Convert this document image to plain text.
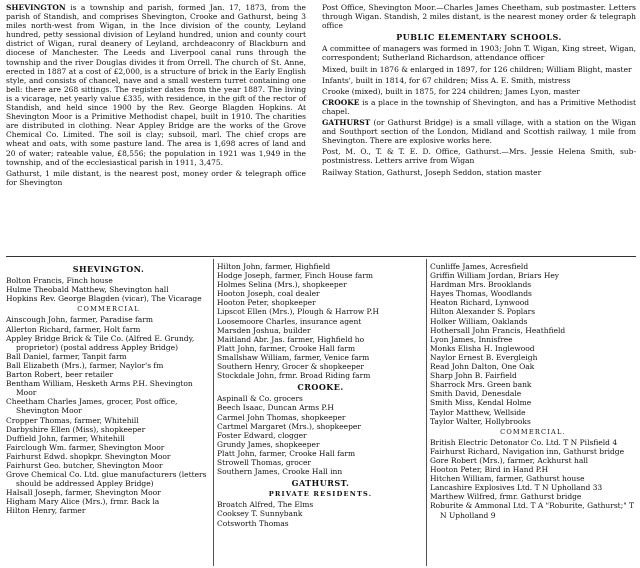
SHEVINGTON is a township and parish, formed Jan. 17, 1873, from the parish of Standish, and comprises Shevington, Crooke and Gathurst, being 3 miles north-west from Wigan, in the Ince division of the county, Leyland hundred, petty sessional division of Leyland hundred, union and county court district of Wigan, rural deanery of Leyland, archdeaconry of Blackburn and diocese of Manchester. The Leeds and Liverpool canal runs through the township and the river Douglas divides it from Orrell. The church of St. Anne, erected in 1887 at a cost of £2,000, is a structure of brick in the Early English style, and consists of chancel, nave and a small western turret containing one bell: there are 268 sittings. The register dates from the year 1887. The living is a vicarage, net yearly value £335, with residence, in the gift of the rector of Standish, and held since 1900 by the Rev. George Blagden Hopkins. At Shevington Moor is a Primitive Methodist chapel, built in 1910. The charities are distributed in clothing. Near Appley Bridge are the works of the Grove Chemical Co. Limited. The soil is clay; subsoil, marl. The chief crops are wheat and oats, with some pasture land. The area is 1,698 acres of land and 20 of water; rateable value, £8,556; the population in 1921 was 1,949 in the township, and of the ecclesiastical parish in 1911, 3,475.

Gathurst, 1 mile distant, is the nearest post, money order & telegraph office for Shevington

Post Office, Shevington Moor.—Charles James Cheetham, sub postmaster. Letters through Wigan. Standish, 2 miles distant, is the nearest money order & telegraph office

PUBLIC ELEMENTARY SCHOOLS.

A committee of managers was formed in 1903; John T. Wigan, King street, Wigan, correspondent; Sutherland Richardson, attendance officer

Mixed, built in 1876 & enlarged in 1897, for 126 children; William Blight, master

Infants', built in 1814, for 67 children; Miss A. E. Smith, mistress

Crooke (mixed), built in 1875, for 224 children; James Lyon, master

CROOKE is a place in the township of Shevington, and has a Primitive Methodist chapel.

GATHURST (or Gathurst Bridge) is a small village, with a station on the Wigan and Southport section of the London, Midland and Scottish railway, 1 mile from Shevington. There are explosive works here.

Post, M. O., T. & T. E. D. Office, Gathurst.—Mrs. Jessie Helena Smith, sub-postmistress. Letters arrive from Wigan

Railway Station, Gathurst, Joseph Seddon, station master

SHEVINGTON.
Bolton Francis, Finch house
Hulme Theobald Matthew, Shevington hall
Hopkins Rev. George Blagden (vicar), The Vicarage
COMMERCIAL
Ainscough John, farmer, Paradise farm
Allerton Richard, farmer, Holt farm
Appley Bridge Brick & Tile Co. (Alfred E. Grundy, proprietor) (postal address Appley Bridge)
Ball Daniel, farmer, Tanpit farm
Ball Elizabeth (Mrs.), farmer, Naylor's fm
Barton Robert, beer retailer
Bentham William, Hesketh Arms P.H. Shevington Moor
Cheetham Charles James, grocer, Post office, Shevington Moor
Cropper Thomas, farmer, Whitehill
Darbyshire Ellen (Miss), shopkeeper
Duffield John, farmer, Whitehill
Fairclough Wm. farmer, Shevington Moor
Fairhurst Edwd. shopkpr. Shevington Moor
Fairhurst Geo. butcher, Shevington Moor
Grove Chemical Co. Ltd. glue manufacturers (letters should be addressed Appley Bridge)
Halsall Joseph, farmer, Shevington Moor
Higham Mary Alice (Mrs.), frmr. Back la
Hilton Henry, farmer
Hilton John, farmer, Highfield
Hodge Joseph, farmer, Finch House farm
Holmes Selina (Mrs.), shopkeeper
Hooton Joseph, coal dealer
Hooton Peter, shopkeeper
Lipscot Ellen (Mrs.), Plough & Harrow P.H
Loosemoore Charles, insurance agent
Marsden Joshua, builder
Maitland Abr. Jas. farmer, Highfield ho
Platt John, farmer, Crooke Hall farm
Smallshaw William, farmer, Venice farm
Southern Henry, Grocer & shopkeeper
Stockdale John, frmr. Broad Riding farm
CROOKE.
Aspinall & Co. grocers
Beech Isaac, Duncan Arms P.H
Carmel John Thomas, shopkeeper
Cartmel Margaret (Mrs.), shopkeeper
Foster Edward, clogger
Grundy James, shopkeeper
Platt John, farmer, Crooke Hall farm
Strowell Thomas, grocer
Southern James, Crooke Hall inn
GATHURST.
PRIVATE RESIDENTS.
Broatch Alfred, The Elms
Cooksey T. Sunnybank
Cotsworth Thomas
Cunliffe James, Acresfield
Griffin William Jordan, Briars Hey
Hardman Mrs. Brooklands
Hayes Thomas, Woodlands
Heaton Richard, Lynwood
Hilton Alexander S. Poplars
Holker William, Oaklands
Hothersall John Francis, Heathfield
Lyon James, Innisfree
Monks Elisha H. Inglewood
Naylor Ernest B. Evergleigh
Read John Dalton, One Oak
Sharp John B. Fairfield
Sharrock Mrs. Green bank
Smith David, Denesdale
Smith Miss, Kendal Holme
Taylor Matthew, Wellside
Taylor Walter, Hollybrooks
COMMERCIAL.
British Electric Detonator Co. Ltd. T N Pilsfield 4
Fairhurst Richard, Navigation inn, Gathurst bridge
Gore Robert (Mrs.), farmer, Ackhurst hall
Hooton Peter, Bird in Hand P.H
Hitchen William, farmer, Gathurst house
Lancashire Explosives Ltd. T N Upholland 33
Marthew Wilfred, frmr. Gathurst bridge
Roburite & Ammonal Ltd. T A "Roburite, Gathurst;" T N Upholland 9
